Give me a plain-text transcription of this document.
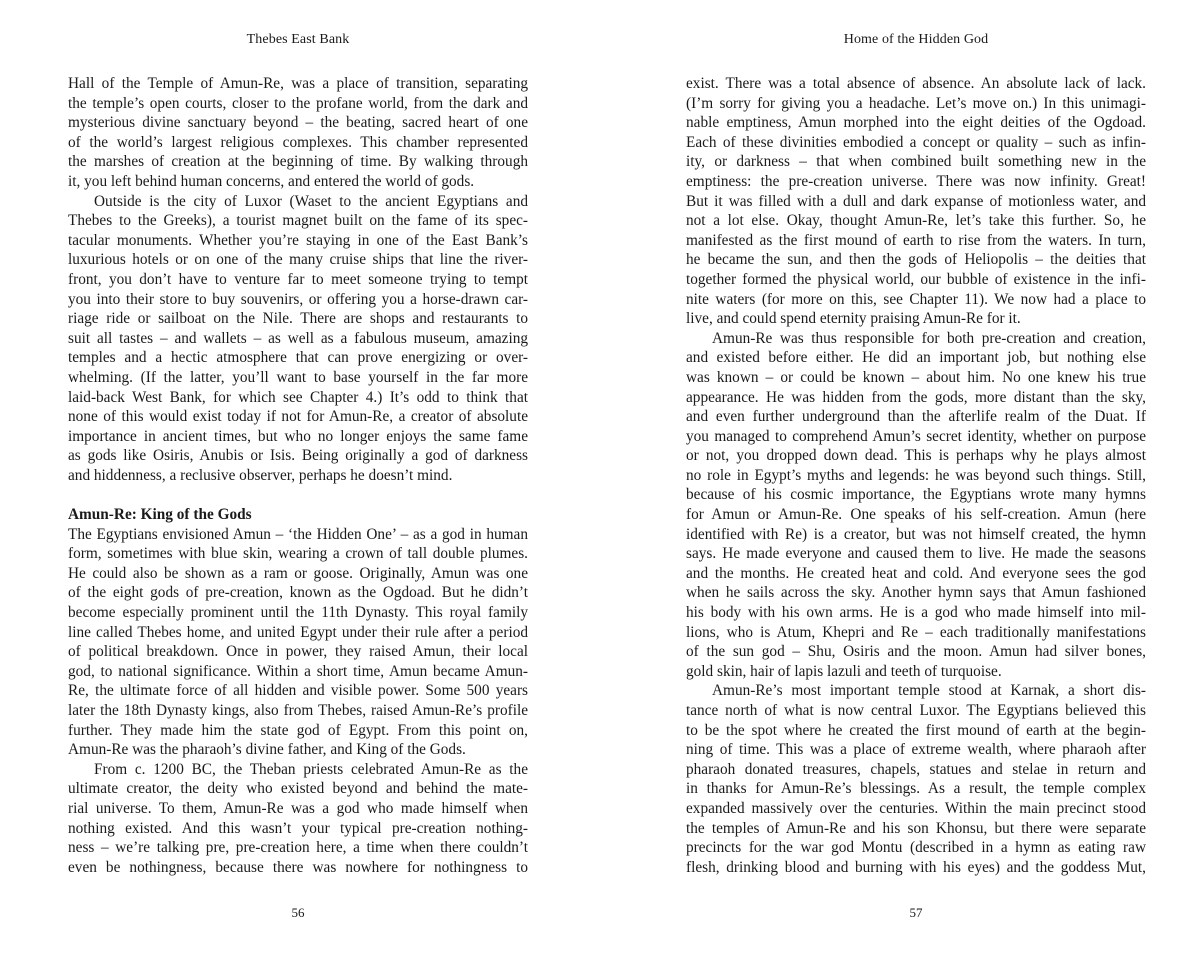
Thebes East Bank
Hall of the Temple of Amun-Re, was a place of transition, separating
the temple’s open courts, closer to the profane world, from the dark and
mysterious divine sanctuary beyond – the beating, sacred heart of one
of the world’s largest religious complexes. This chamber represented
the marshes of creation at the beginning of time. By walking through
it, you left behind human concerns, and entered the world of gods.
Outside is the city of Luxor (Waset to the ancient Egyptians and
Thebes to the Greeks), a tourist magnet built on the fame of its spec-
tacular monuments. Whether you’re staying in one of the East Bank’s
luxurious hotels or on one of the many cruise ships that line the river-
front, you don’t have to venture far to meet someone trying to tempt
you into their store to buy souvenirs, or offering you a horse-drawn car-
riage ride or sailboat on the Nile. There are shops and restaurants to
suit all tastes – and wallets – as well as a fabulous museum, amazing
temples and a hectic atmosphere that can prove energizing or over-
whelming. (If the latter, you’ll want to base yourself in the far more
laid-back West Bank, for which see Chapter 4.) It’s odd to think that
none of this would exist today if not for Amun-Re, a creator of absolute
importance in ancient times, but who no longer enjoys the same fame
as gods like Osiris, Anubis or Isis. Being originally a god of darkness
and hiddenness, a reclusive observer, perhaps he doesn’t mind.
Amun-Re: King of the Gods
The Egyptians envisioned Amun – ‘the Hidden One’ – as a god in human
form, sometimes with blue skin, wearing a crown of tall double plumes.
He could also be shown as a ram or goose. Originally, Amun was one
of the eight gods of pre-creation, known as the Ogdoad. But he didn’t
become especially prominent until the 11th Dynasty. This royal family
line called Thebes home, and united Egypt under their rule after a period
of political breakdown. Once in power, they raised Amun, their local
god, to national significance. Within a short time, Amun became Amun-
Re, the ultimate force of all hidden and visible power. Some 500 years
later the 18th Dynasty kings, also from Thebes, raised Amun-Re’s profile
further. They made him the state god of Egypt. From this point on,
Amun-Re was the pharaoh’s divine father, and King of the Gods.
From c. 1200 BC, the Theban priests celebrated Amun-Re as the
ultimate creator, the deity who existed beyond and behind the mate-
rial universe. To them, Amun-Re was a god who made himself when
nothing existed. And this wasn’t your typical pre-creation nothing-
ness – we’re talking pre, pre-creation here, a time when there couldn’t
even be nothingness, because there was nowhere for nothingness to
56
Home of the Hidden God
exist. There was a total absence of absence. An absolute lack of lack.
(I’m sorry for giving you a headache. Let’s move on.) In this unimagi-
nable emptiness, Amun morphed into the eight deities of the Ogdoad.
Each of these divinities embodied a concept or quality – such as infin-
ity, or darkness – that when combined built something new in the
emptiness: the pre-creation universe. There was now infinity. Great!
But it was filled with a dull and dark expanse of motionless water, and
not a lot else. Okay, thought Amun-Re, let’s take this further. So, he
manifested as the first mound of earth to rise from the waters. In turn,
he became the sun, and then the gods of Heliopolis – the deities that
together formed the physical world, our bubble of existence in the infi-
nite waters (for more on this, see Chapter 11). We now had a place to
live, and could spend eternity praising Amun-Re for it.
Amun-Re was thus responsible for both pre-creation and creation,
and existed before either. He did an important job, but nothing else
was known – or could be known – about him. No one knew his true
appearance. He was hidden from the gods, more distant than the sky,
and even further underground than the afterlife realm of the Duat. If
you managed to comprehend Amun’s secret identity, whether on purpose
or not, you dropped down dead. This is perhaps why he plays almost
no role in Egypt’s myths and legends: he was beyond such things. Still,
because of his cosmic importance, the Egyptians wrote many hymns
for Amun or Amun-Re. One speaks of his self-creation. Amun (here
identified with Re) is a creator, but was not himself created, the hymn
says. He made everyone and caused them to live. He made the seasons
and the months. He created heat and cold. And everyone sees the god
when he sails across the sky. Another hymn says that Amun fashioned
his body with his own arms. He is a god who made himself into mil-
lions, who is Atum, Khepri and Re – each traditionally manifestations
of the sun god – Shu, Osiris and the moon. Amun had silver bones,
gold skin, hair of lapis lazuli and teeth of turquoise.
Amun-Re’s most important temple stood at Karnak, a short dis-
tance north of what is now central Luxor. The Egyptians believed this
to be the spot where he created the first mound of earth at the begin-
ning of time. This was a place of extreme wealth, where pharaoh after
pharaoh donated treasures, chapels, statues and stelae in return and
in thanks for Amun-Re’s blessings. As a result, the temple complex
expanded massively over the centuries. Within the main precinct stood
the temples of Amun-Re and his son Khonsu, but there were separate
precincts for the war god Montu (described in a hymn as eating raw
flesh, drinking blood and burning with his eyes) and the goddess Mut,
57
